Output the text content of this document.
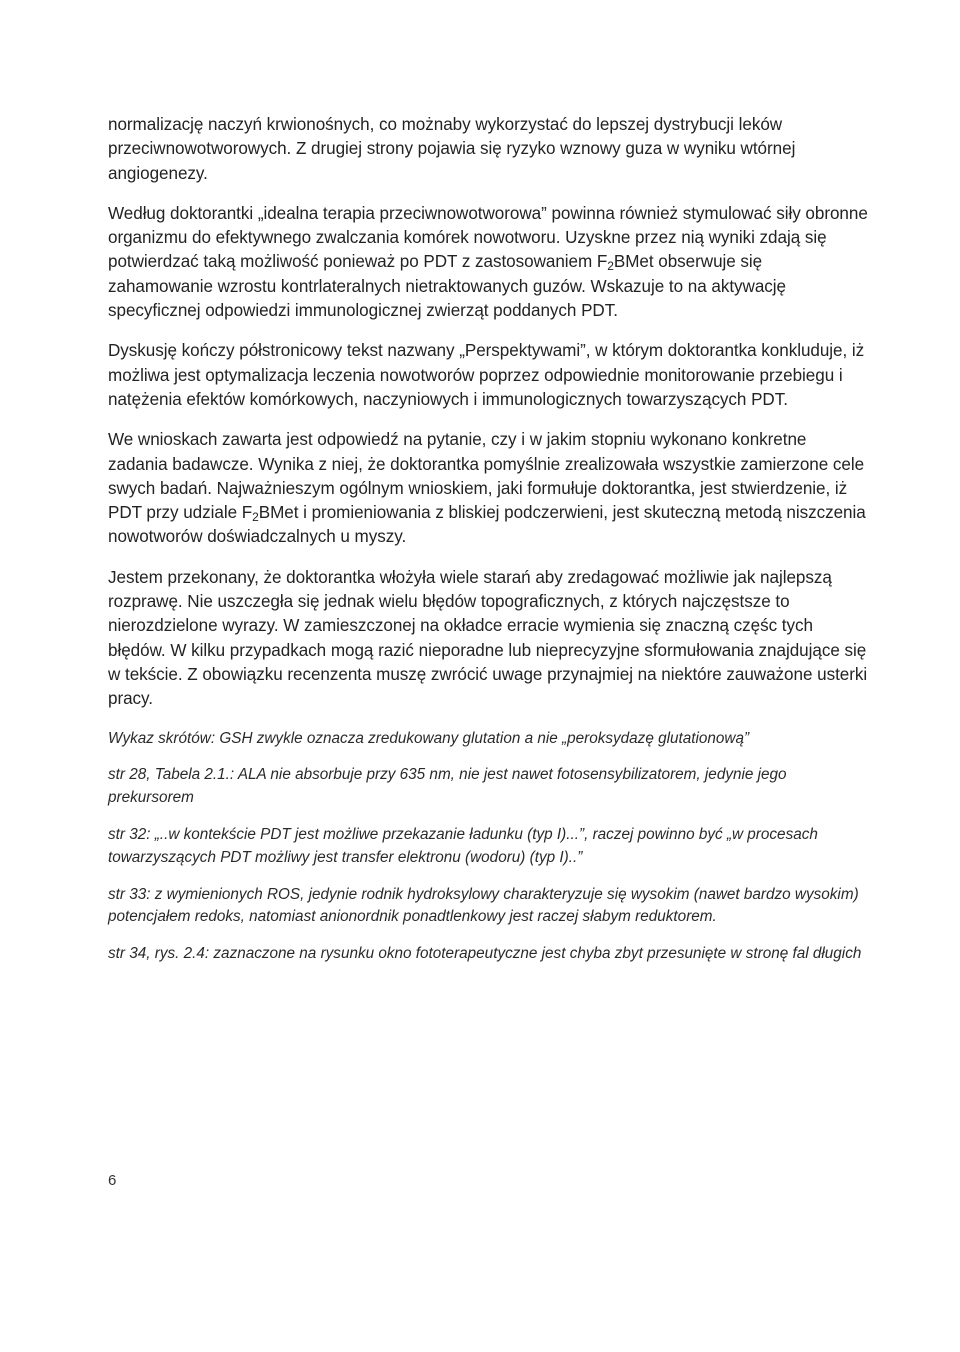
normalizację naczyń krwionośnych, co możnaby wykorzystać do lepszej dystrybucji leków przeciwnowotworowych. Z drugiej strony pojawia się ryzyko wznowy guza w wyniku wtórnej angiogenezy.

Według doktorantki „idealna terapia przeciwnowotworowa” powinna również stymulować siły obronne organizmu do efektywnego zwalczania komórek nowotworu. Uzyskne przez nią wyniki zdają się potwierdzać taką możliwość ponieważ po PDT z zastosowaniem $F_2BMet$ obserwuje się zahamowanie wzrostu kontrlateralnych nietraktowanych guzów. Wskazuje to na aktywację specyficznej odpowiedzi immunologicznej zwierząt poddanych PDT.

Dyskusję kończy półstronicowy tekst nazwany „Perspektywami”, w którym doktorantka konkluduje, iż możliwa jest optymalizacja leczenia nowotworów poprzez odpowiednie monitorowanie przebiegu i natężenia efektów komórkowych, naczyniowych i immunologicznych towarzyszących PDT.

We wnioskach zawarta jest odpowiedź na pytanie, czy i w jakim stopniu wykonano konkretne zadania badawcze. Wynika z niej, że doktorantka pomyślnie zrealizowała wszystkie zamierzone cele swych badań. Najważnieszym ogólnym wnioskiem, jaki formułuje doktorantka, jest stwierdzenie, iż PDT przy udziale $F_2BMet$ i promieniowania z bliskiej podczerwieni, jest skuteczną metodą niszczenia nowotworów doświadczalnych u myszy.

Jestem przekonany, że doktorantka włożyła wiele starań aby zredagować możliwie jak najlepszą rozprawę. Nie uszczegła się jednak wielu błędów topograficznych, z których najczęstsze to nierozdzielone wyrazy. W zamieszczonej na okładce erracie wymienia się znaczną częśc tych błędów. W kilku przypadkach mogą razić nieporadne lub nieprecyzyjne sformułowania znajdujące się w tekście. Z obowiązku recenzenta muszę zwrócić uwage przynajmiej na niektóre zauważone usterki pracy.

Wykaz skrótów: GSH zwykle oznacza zredukowany glutation a nie „peroksydazę glutationową”

str 28, Tabela 2.1.: ALA nie absorbuje przy 635 nm, nie jest nawet fotosensybilizatorem, jedynie jego prekursorem

str 32: „..w kontekście PDT jest możliwe przekazanie ładunku (typ I)...”, raczej powinno być „w procesach towarzyszących PDT możliwy jest transfer elektronu (wodoru) (typ I)..”

str 33: z wymienionych ROS, jedynie rodnik hydroksylowy charakteryzuje się wysokim (nawet bardzo wysokim) potencjałem redoks, natomiast anionordnik ponadtlenkowy jest raczej słabym reduktorem.

str 34, rys. 2.4: zaznaczone na rysunku okno fototerapeutyczne jest chyba zbyt przesunięte w stronę fal długich

6
